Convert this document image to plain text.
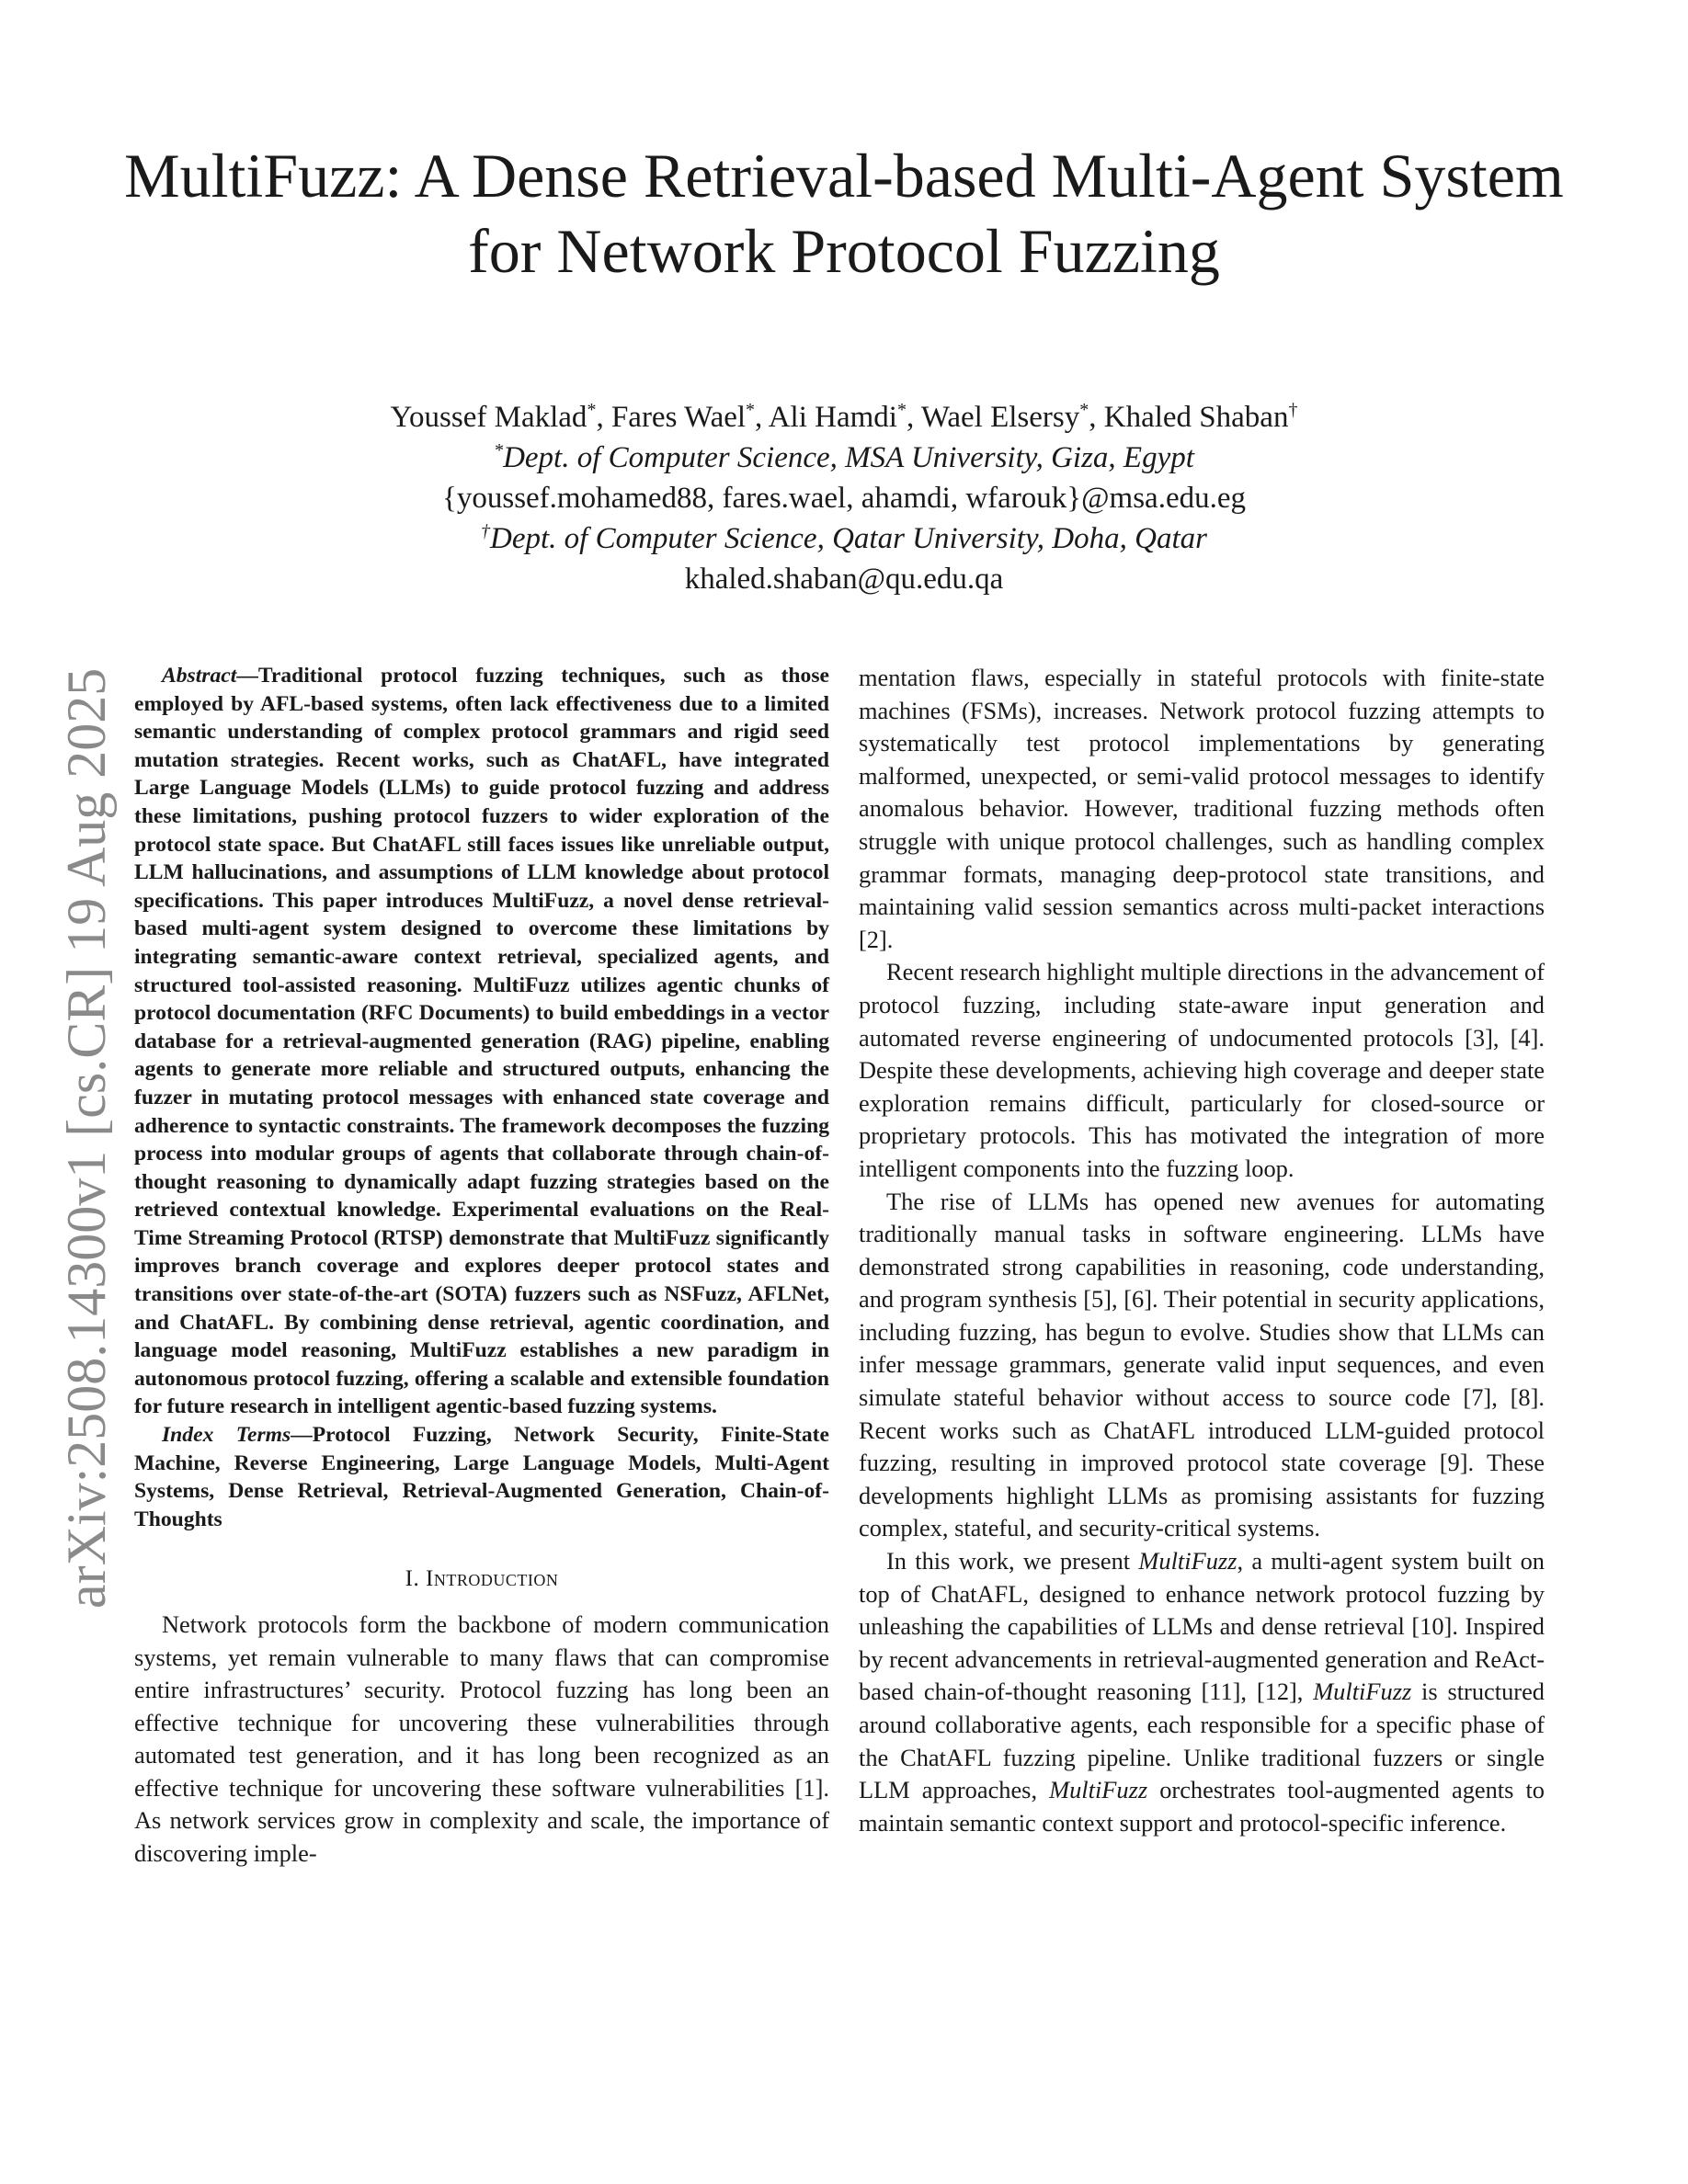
MultiFuzz: A Dense Retrieval-based Multi-Agent System for Network Protocol Fuzzing
Youssef Maklad*, Fares Wael*, Ali Hamdi*, Wael Elsersy*, Khaled Shaban†
*Dept. of Computer Science, MSA University, Giza, Egypt
{youssef.mohamed88, fares.wael, ahamdi, wfarouk}@msa.edu.eg
†Dept. of Computer Science, Qatar University, Doha, Qatar
khaled.shaban@qu.edu.qa
arXiv:2508.14300v1 [cs.CR] 19 Aug 2025	Abstract—Traditional protocol fuzzing techniques, such as those employed by AFL-based systems, often lack effectiveness due to a limited semantic understanding of complex protocol grammars and rigid seed mutation strategies. Recent works, such as ChatAFL, have integrated Large Language Models (LLMs) to guide protocol fuzzing and address these limitations, pushing protocol fuzzers to wider exploration of the protocol state space. But ChatAFL still faces issues like unreliable output, LLM hallucinations, and assumptions of LLM knowledge about protocol specifications. This paper introduces MultiFuzz, a novel dense retrieval-based multi-agent system designed to overcome these limitations by integrating semantic-aware context retrieval, specialized agents, and structured tool-assisted reasoning. MultiFuzz utilizes agentic chunks of protocol documentation (RFC Documents) to build embeddings in a vector database for a retrieval-augmented generation (RAG) pipeline, enabling agents to generate more reliable and structured outputs, enhancing the fuzzer in mutating protocol messages with enhanced state coverage and adherence to syntactic constraints. The framework decomposes the fuzzing process into modular groups of agents that collaborate through chain-of-thought reasoning to dynamically adapt fuzzing strategies based on the retrieved contextual knowledge. Experimental evaluations on the Real-Time Streaming Protocol (RTSP) demonstrate that MultiFuzz significantly improves branch coverage and explores deeper protocol states and transitions over state-of-the-art (SOTA) fuzzers such as NSFuzz, AFLNet, and ChatAFL. By combining dense retrieval, agentic coordination, and language model reasoning, MultiFuzz establishes a new paradigm in autonomous protocol fuzzing, offering a scalable and extensible foundation for future research in intelligent agentic-based fuzzing systems.

Index Terms—Protocol Fuzzing, Network Security, Finite-State Machine, Reverse Engineering, Large Language Models, Multi-Agent Systems, Dense Retrieval, Retrieval-Augmented Generation, Chain-of-Thoughts

I. Introduction

Network protocols form the backbone of modern communication systems, yet remain vulnerable to many flaws that can compromise entire infrastructures’ security. Protocol fuzzing has long been an effective technique for uncovering these vulnerabilities through automated test generation, and it has long been recognized as an effective technique for uncovering these software vulnerabilities [1]. As network services grow in complexity and scale, the importance of discovering imple-

mentation flaws, especially in stateful protocols with finite-state machines (FSMs), increases. Network protocol fuzzing attempts to systematically test protocol implementations by generating malformed, unexpected, or semi-valid protocol messages to identify anomalous behavior. However, traditional fuzzing methods often struggle with unique protocol challenges, such as handling complex grammar formats, managing deep-protocol state transitions, and maintaining valid session semantics across multi-packet interactions [2].

Recent research highlight multiple directions in the advancement of protocol fuzzing, including state-aware input generation and automated reverse engineering of undocumented protocols [3], [4]. Despite these developments, achieving high coverage and deeper state exploration remains difficult, particularly for closed-source or proprietary protocols. This has motivated the integration of more intelligent components into the fuzzing loop.

The rise of LLMs has opened new avenues for automating traditionally manual tasks in software engineering. LLMs have demonstrated strong capabilities in reasoning, code understanding, and program synthesis [5], [6]. Their potential in security applications, including fuzzing, has begun to evolve. Studies show that LLMs can infer message grammars, generate valid input sequences, and even simulate stateful behavior without access to source code [7], [8]. Recent works such as ChatAFL introduced LLM-guided protocol fuzzing, resulting in improved protocol state coverage [9]. These developments highlight LLMs as promising assistants for fuzzing complex, stateful, and security-critical systems.

In this work, we present MultiFuzz, a multi-agent system built on top of ChatAFL, designed to enhance network protocol fuzzing by unleashing the capabilities of LLMs and dense retrieval [10]. Inspired by recent advancements in retrieval-augmented generation and ReAct-based chain-of-thought reasoning [11], [12], MultiFuzz is structured around collaborative agents, each responsible for a specific phase of the ChatAFL fuzzing pipeline. Unlike traditional fuzzers or single LLM approaches, MultiFuzz orchestrates tool-augmented agents to maintain semantic context support and protocol-specific inference.
